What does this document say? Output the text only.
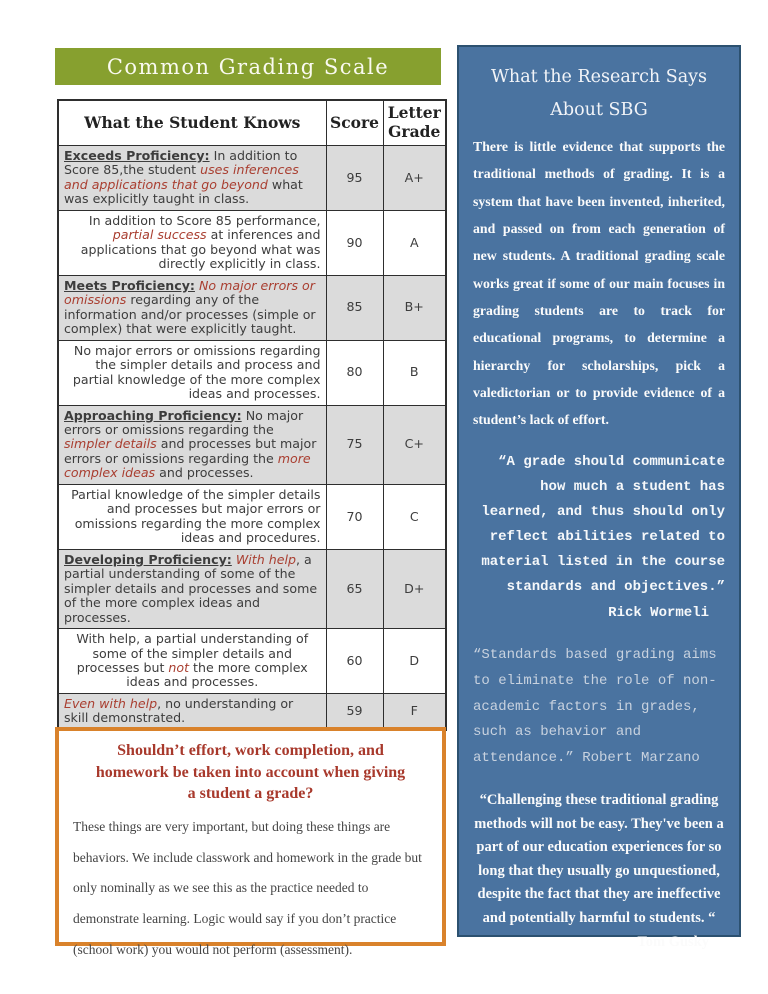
Common Grading Scale
What the Student Knows	Score	Letter Grade
Exceeds Proficiency: In addition to Score 85,the student uses inferences and applications that go beyond what was explicitly taught in class.	95	A+
In addition to Score 85 performance, partial success at inferences and applications that go beyond what was directly explicitly in class.	90	A
Meets Proficiency: No major errors or omissions regarding any of the information and/or processes (simple or complex) that were explicitly taught.	85	B+
No major errors or omissions regarding the simpler details and process and partial knowledge of the more complex ideas and processes.	80	B
Approaching Proficiency: No major errors or omissions regarding the simpler details and processes but major errors or omissions regarding the more complex ideas and processes.	75	C+
Partial knowledge of the simpler details and processes but major errors or omissions regarding the more complex ideas and procedures.	70	C
Developing Proficiency: With help, a partial understanding of some of the simpler details and processes and some of the more complex ideas and processes.	65	D+
With help, a partial understanding of some of the simpler details and processes but not the more complex ideas and processes.	60	D
Even with help, no understanding or skill demonstrated.	59	F
Shouldn’t effort, work completion, and homework be taken into account when giving a student a grade?
These things are very important, but doing these things are behaviors. We include classwork and homework in the grade but only nominally as we see this as the practice needed to demonstrate learning. Logic would say if you don’t practice (school work) you would not perform (assessment).
What the Research Says
About SBG

There is little evidence that supports the traditional methods of grading. It is a system that have been invented, inherited, and passed on from each generation of new students. A traditional grading scale works great if some of our main focuses in grading students are to track for educational programs, to determine a hierarchy for scholarships, pick a valedictorian or to provide evidence of a student’s lack of effort.

“A grade should communicate how much a student has learned, and thus should only reflect abilities related to material listed in the course standards and objectives.”
Rick Wormeli
“Standards based grading aims to eliminate the role of non-academic factors in grades, such as behavior and attendance.” Robert Marzano
“Challenging these traditional grading methods will not be easy. They've been a part of our education experiences for so long that they usually go unquestioned, despite the fact that they are ineffective and potentially harmful to students. “
Tom Gusky
